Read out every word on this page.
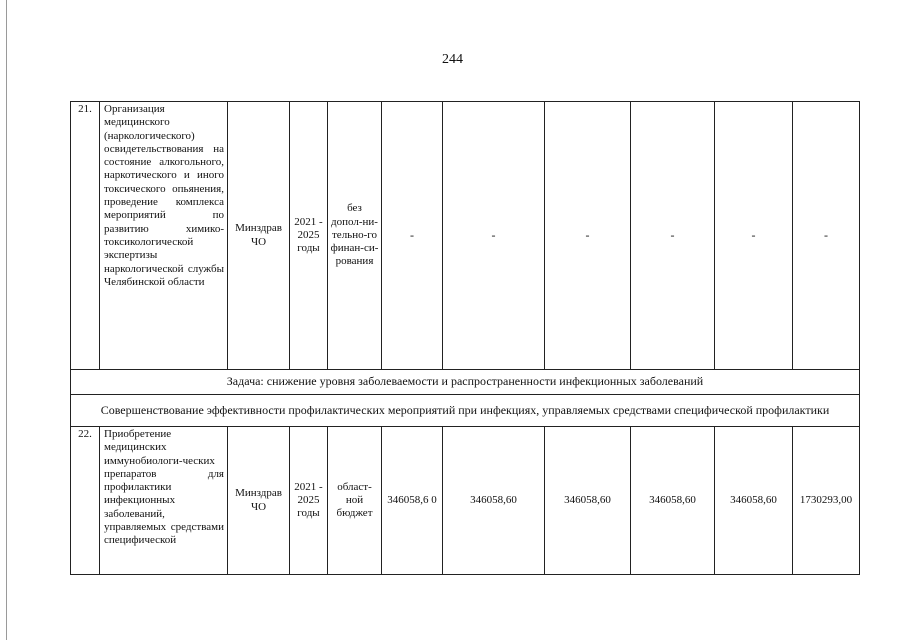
244
21.	Организация медицинского (наркологического) освидетельствования на состояние алкогольного, наркотического и иного токсического опьянения, проведение комплекса мероприятий по развитию химико-токсикологической экспертизы наркологической службы Челябинской области	Минздрав ЧО	2021 - 2025 годы	без допол-ни-тельно-го финан-си-рования	-	-	-	-	-	-
Задача: снижение уровня заболеваемости и распространенности инфекционных заболеваний										
Совершенствование эффективности профилактических мероприятий при инфекциях, управляемых средствами специфической профилактики										
22.	Приобретение медицинских иммунобиологи-ческих препаратов для профилактики инфекционных заболеваний, управляемых средствами специфической	Минздрав ЧО	2021 - 2025 годы	област-ной бюджет	346058,6 0	346058,60	346058,60	346058,60	346058,60	1730293,00
